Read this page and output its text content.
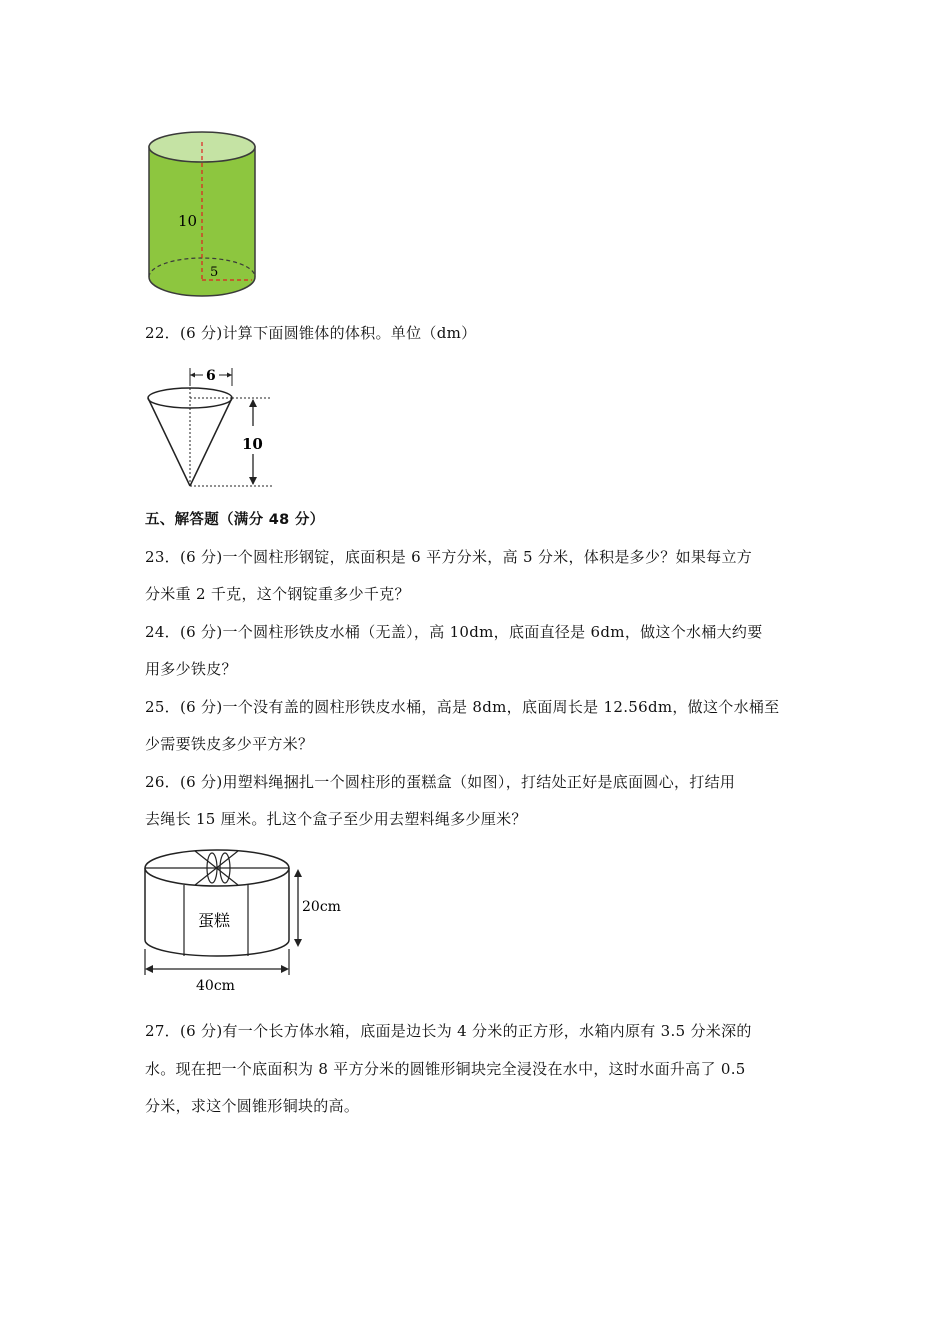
10
5
22．(6 分)计算下面圆锥体的体积。单位（dm）
6
10
五、解答题（满分 48 分）
23．(6 分)一个圆柱形钢锭，底面积是 6 平方分米，高 5 分米，体积是多少？如果每立方
分米重 2 千克，这个钢锭重多少千克？
24．(6 分)一个圆柱形铁皮水桶（无盖），高 10dm，底面直径是 6dm，做这个水桶大约要
用多少铁皮？
25．(6 分)一个没有盖的圆柱形铁皮水桶，高是 8dm，底面周长是 12.56dm，做这个水桶至
少需要铁皮多少平方米？
26．(6 分)用塑料绳捆扎一个圆柱形的蛋糕盒（如图），打结处正好是底面圆心，打结用
去绳长 15 厘米。扎这个盒子至少用去塑料绳多少厘米？
蛋糕
20cm
40cm
27．(6 分)有一个长方体水箱，底面是边长为 4 分米的正方形，水箱内原有 3.5 分米深的
水。现在把一个底面积为 8 平方分米的圆锥形铜块完全浸没在水中，这时水面升高了 0.5
分米，求这个圆锥形铜块的高。
